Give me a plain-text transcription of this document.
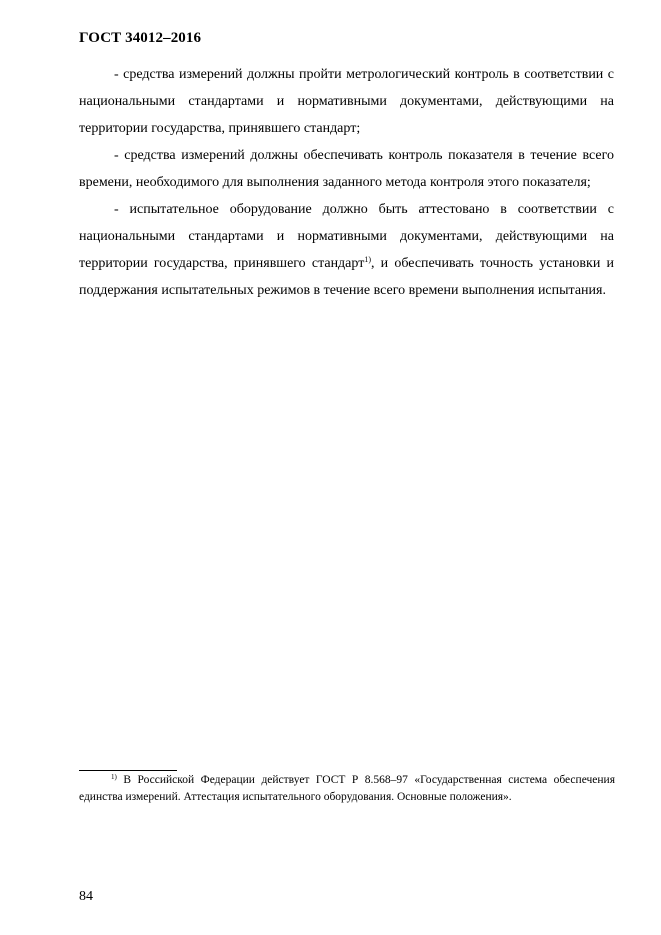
ГОСТ 34012–2016

- средства измерений должны пройти метрологический контроль в соответствии с национальными стандартами и нормативными документами, действующими на территории государства, принявшего стандарт;

- средства измерений должны обеспечивать контроль показателя в течение всего времени, необходимого для выполнения заданного метода контроля этого показателя;

- испытательное оборудование должно быть аттестовано в соответствии с национальными стандартами и нормативными документами, действующими на территории государства, принявшего стандарт$^{1)}$, и обеспечивать точность установки и поддержания испытательных режимов в течение всего времени выполнения испытания.

$^{1)}$ В Российской Федерации действует ГОСТ Р 8.568–97 «Государственная система обеспечения единства измерений. Аттестация испытательного оборудования. Основные положения».

84
